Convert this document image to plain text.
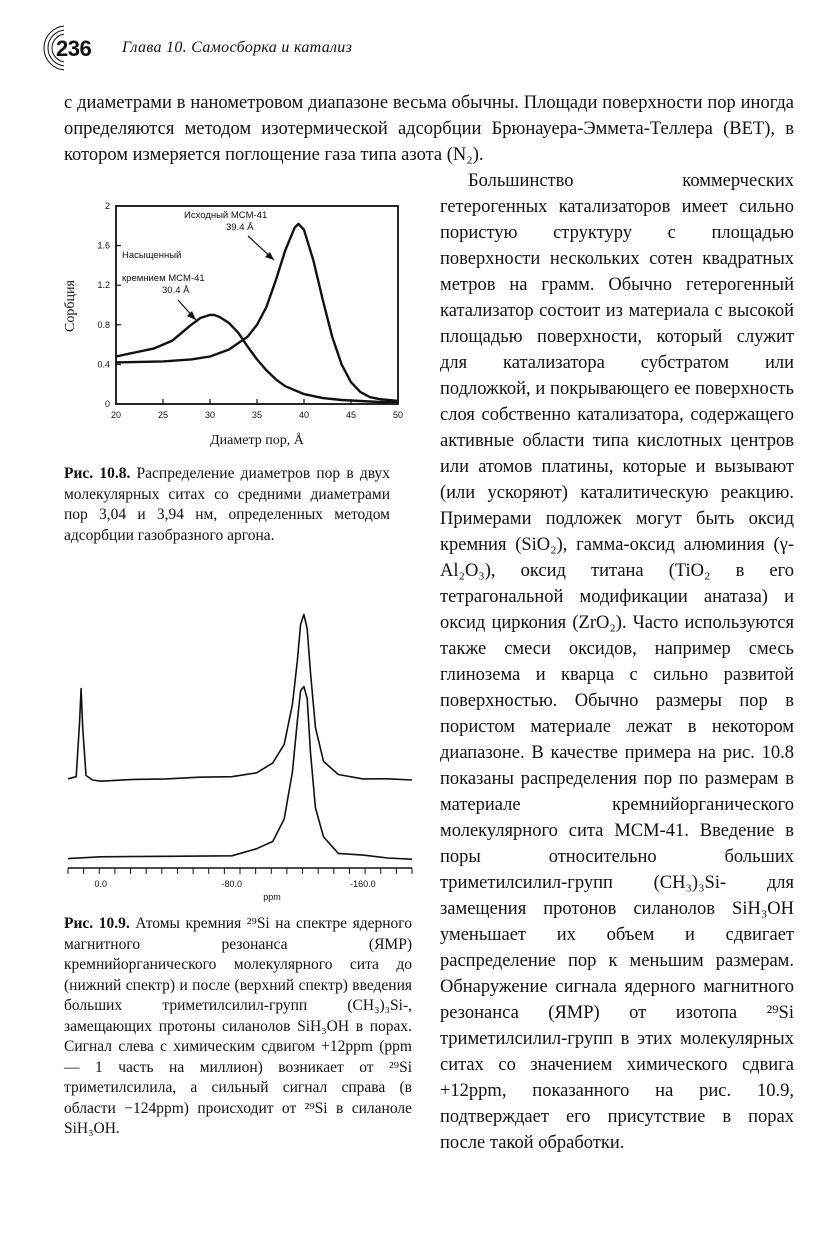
236 Глава 10. Самосборка и катализ
с диаметрами в нанометровом диапазоне весьма обычны. Площади поверхности пор иногда определяются методом изотермической адсорбции Брюнауера-Эммета-Теллера (BET), в котором измеряется поглощение газа типа азота (N₂).
0
0.4
0.8
1.2
1.6
2
20	25	30	35	40	45	50
Сорбция
Диаметр пор, Å
Исходный MCM-41
39.4 Å
Насыщенный
кремнием MCM-41
30.4 Å
Рис. 10.8. Распределение диаметров пор в двух молекулярных ситах со средними диаметрами пор 3,04 и 3,94 нм, определенных методом адсорбции газобразного аргона.
0.0	-80.0	-160.0
ppm
Рис. 10.9. Атомы кремния ²⁹Si на спектре ядерного магнитного резонанса (ЯМР) кремнийорганического молекулярного сита до (нижний спектр) и после (верхний спектр) введения больших триметилсилил-групп (CH₃)₃Si-, замещающих протоны силанолов SiH₃OH в порах. Сигнал слева с химическим сдвигом +12ppm (ppm — 1 часть на миллион) возникает от ²⁹Si триметилсилила, а сильный сигнал справа (в области −124ppm) происходит от ²⁹Si в силаноле SiH₃OH.

Большинство коммерческих гетерогенных катализаторов имеет сильно пористую структуру с площадью поверхности нескольких сотен квадратных метров на грамм. Обычно гетерогенный катализатор состоит из материала с высокой площадью поверхности, который служит для катализатора субстратом или подложкой, и покрывающего ее поверхность слоя собственно катализатора, содержащего активные области типа кислотных центров или атомов платины, которые и вызывают (или ускоряют) каталитическую реакцию. Примерами подложек могут быть оксид кремния (SiO₂), гамма-оксид алюминия (γ-Al₂O₃), оксид титана (TiO₂ в его тетрагональной модификации анатаза) и оксид циркония (ZrO₂). Часто используются также смеси оксидов, например смесь глинозема и кварца с сильно развитой поверхностью. Обычно размеры пор в пористом материале лежат в некотором диапазоне. В качестве примера на рис. 10.8 показаны распределения пор по размерам в материале кремнийорганического молекулярного сита MCM-41. Введение в поры относительно больших триметилсилил-групп (CH₃)₃Si- для замещения протонов силанолов SiH₃OH уменьшает их объем и сдвигает распределение пор к меньшим размерам. Обнаружение сигнала ядерного магнитного резонанса (ЯМР) от изотопа ²⁹Si триметилсилил-групп в этих молекулярных ситах со значением химического сдвига +12ppm, показанного на рис. 10.9, подтверждает его присутствие в порах после такой обработки.
